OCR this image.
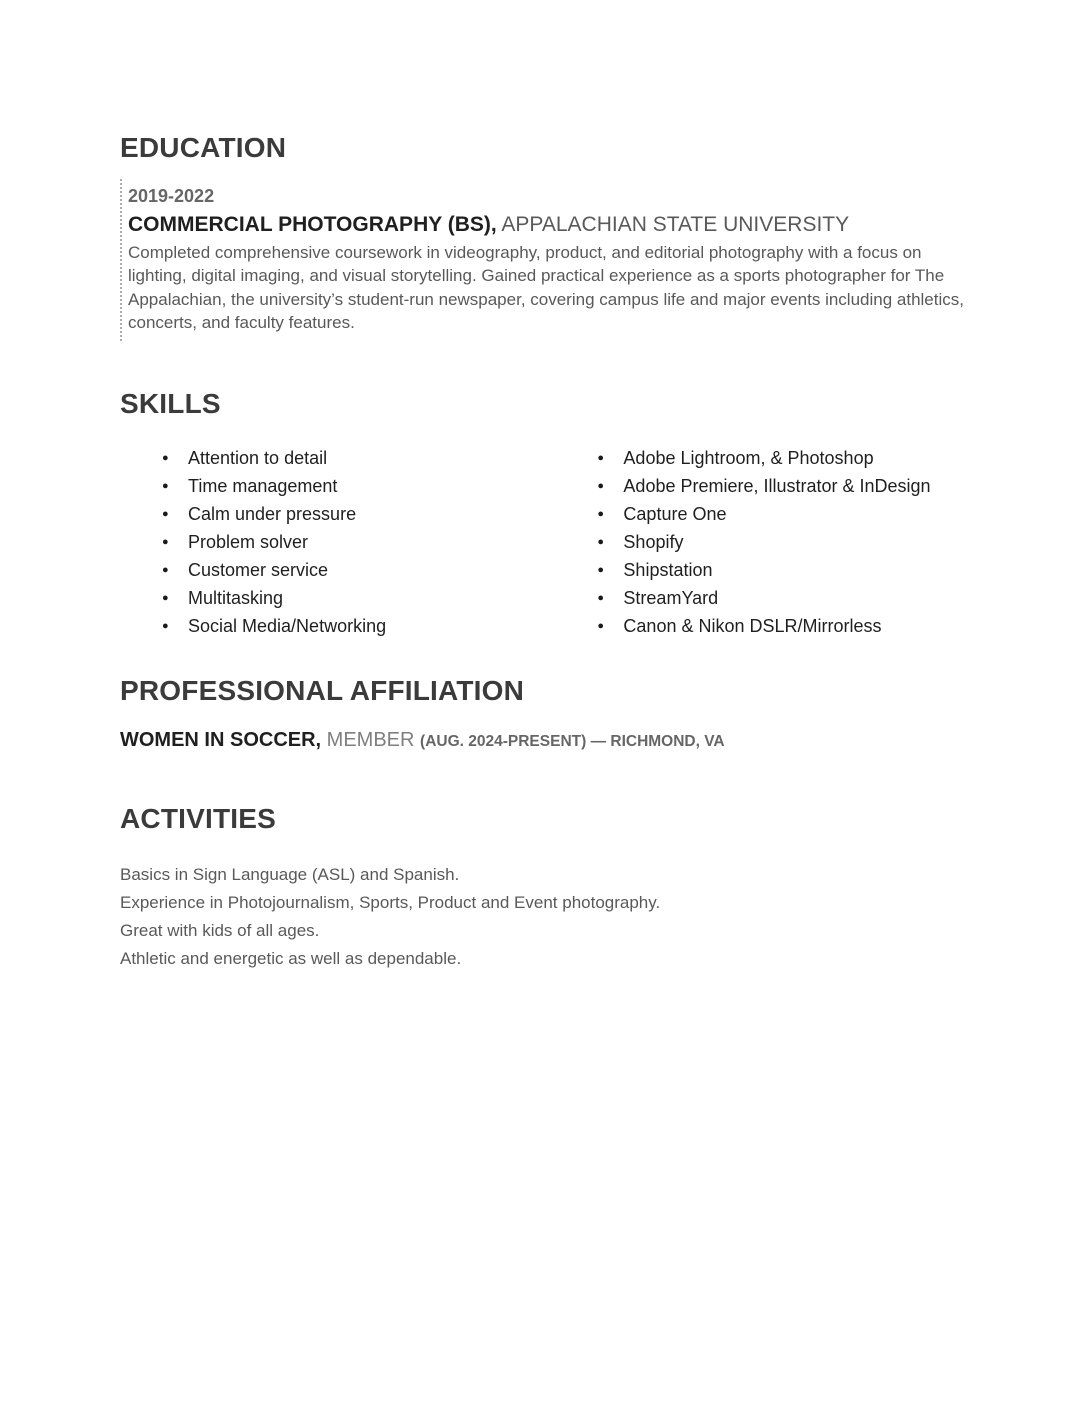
EDUCATION
2019-2022
COMMERCIAL PHOTOGRAPHY (BS), APPALACHIAN STATE UNIVERSITY
Completed comprehensive coursework in videography, product, and editorial photography with a focus on lighting, digital imaging, and visual storytelling. Gained practical experience as a sports photographer for The Appalachian, the university’s student-run newspaper, covering campus life and major events including athletics, concerts, and faculty features.
SKILLS
● Attention to detail
● Time management
● Calm under pressure
● Problem solver
● Customer service
● Multitasking
● Social Media/Networking
● Adobe Lightroom, & Photoshop
● Adobe Premiere, Illustrator & InDesign
● Capture One
● Shopify
● Shipstation
● StreamYard
● Canon & Nikon DSLR/Mirrorless
PROFESSIONAL AFFILIATION
WOMEN IN SOCCER, MEMBER (AUG. 2024-PRESENT) — RICHMOND, VA
ACTIVITIES
Basics in Sign Language (ASL) and Spanish.
Experience in Photojournalism, Sports, Product and Event photography.
Great with kids of all ages.
Athletic and energetic as well as dependable.
